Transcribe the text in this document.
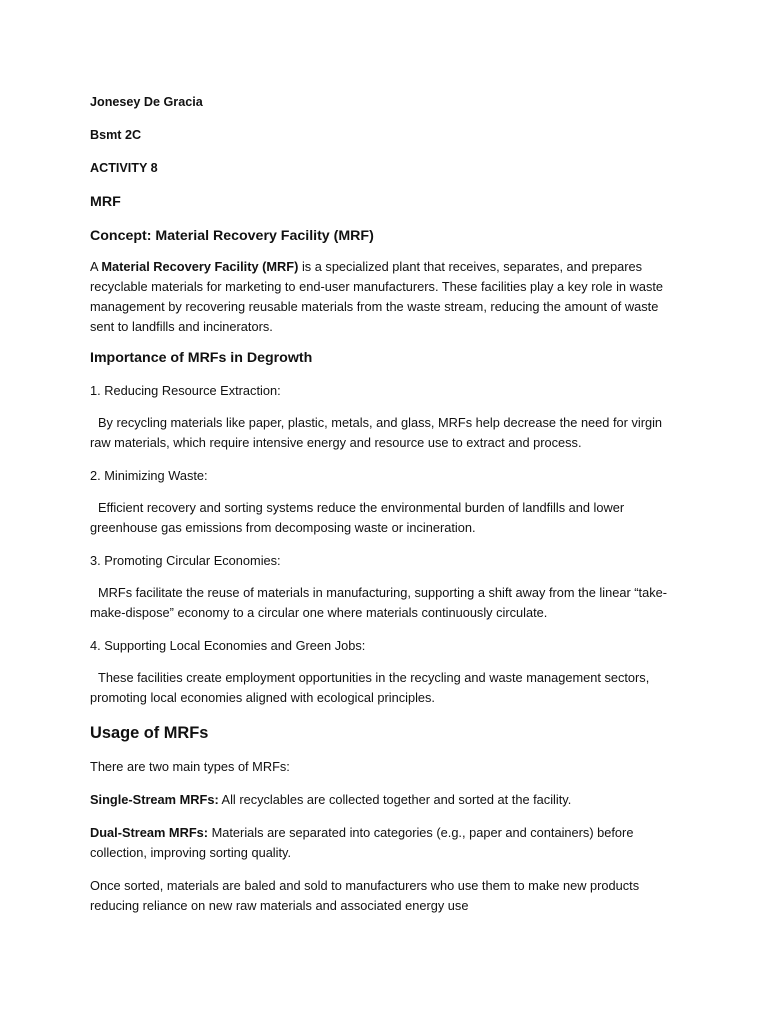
Jonesey De Gracia

Bsmt 2C

ACTIVITY 8

MRF

Concept: Material Recovery Facility (MRF)

A Material Recovery Facility (MRF) is a specialized plant that receives, separates, and prepares recyclable materials for marketing to end-user manufacturers. These facilities play a key role in waste management by recovering reusable materials from the waste stream, reducing the amount of waste sent to landfills and incinerators.

Importance of MRFs in Degrowth

1. Reducing Resource Extraction:

By recycling materials like paper, plastic, metals, and glass, MRFs help decrease the need for virgin raw materials, which require intensive energy and resource use to extract and process.

2. Minimizing Waste:

Efficient recovery and sorting systems reduce the environmental burden of landfills and lower greenhouse gas emissions from decomposing waste or incineration.

3. Promoting Circular Economies:

MRFs facilitate the reuse of materials in manufacturing, supporting a shift away from the linear “take-make-dispose” economy to a circular one where materials continuously circulate.

4. Supporting Local Economies and Green Jobs:

These facilities create employment opportunities in the recycling and waste management sectors, promoting local economies aligned with ecological principles.

Usage of MRFs

There are two main types of MRFs:

Single-Stream MRFs: All recyclables are collected together and sorted at the facility.

Dual-Stream MRFs: Materials are separated into categories (e.g., paper and containers) before collection, improving sorting quality.

Once sorted, materials are baled and sold to manufacturers who use them to make new products reducing reliance on new raw materials and associated energy use
